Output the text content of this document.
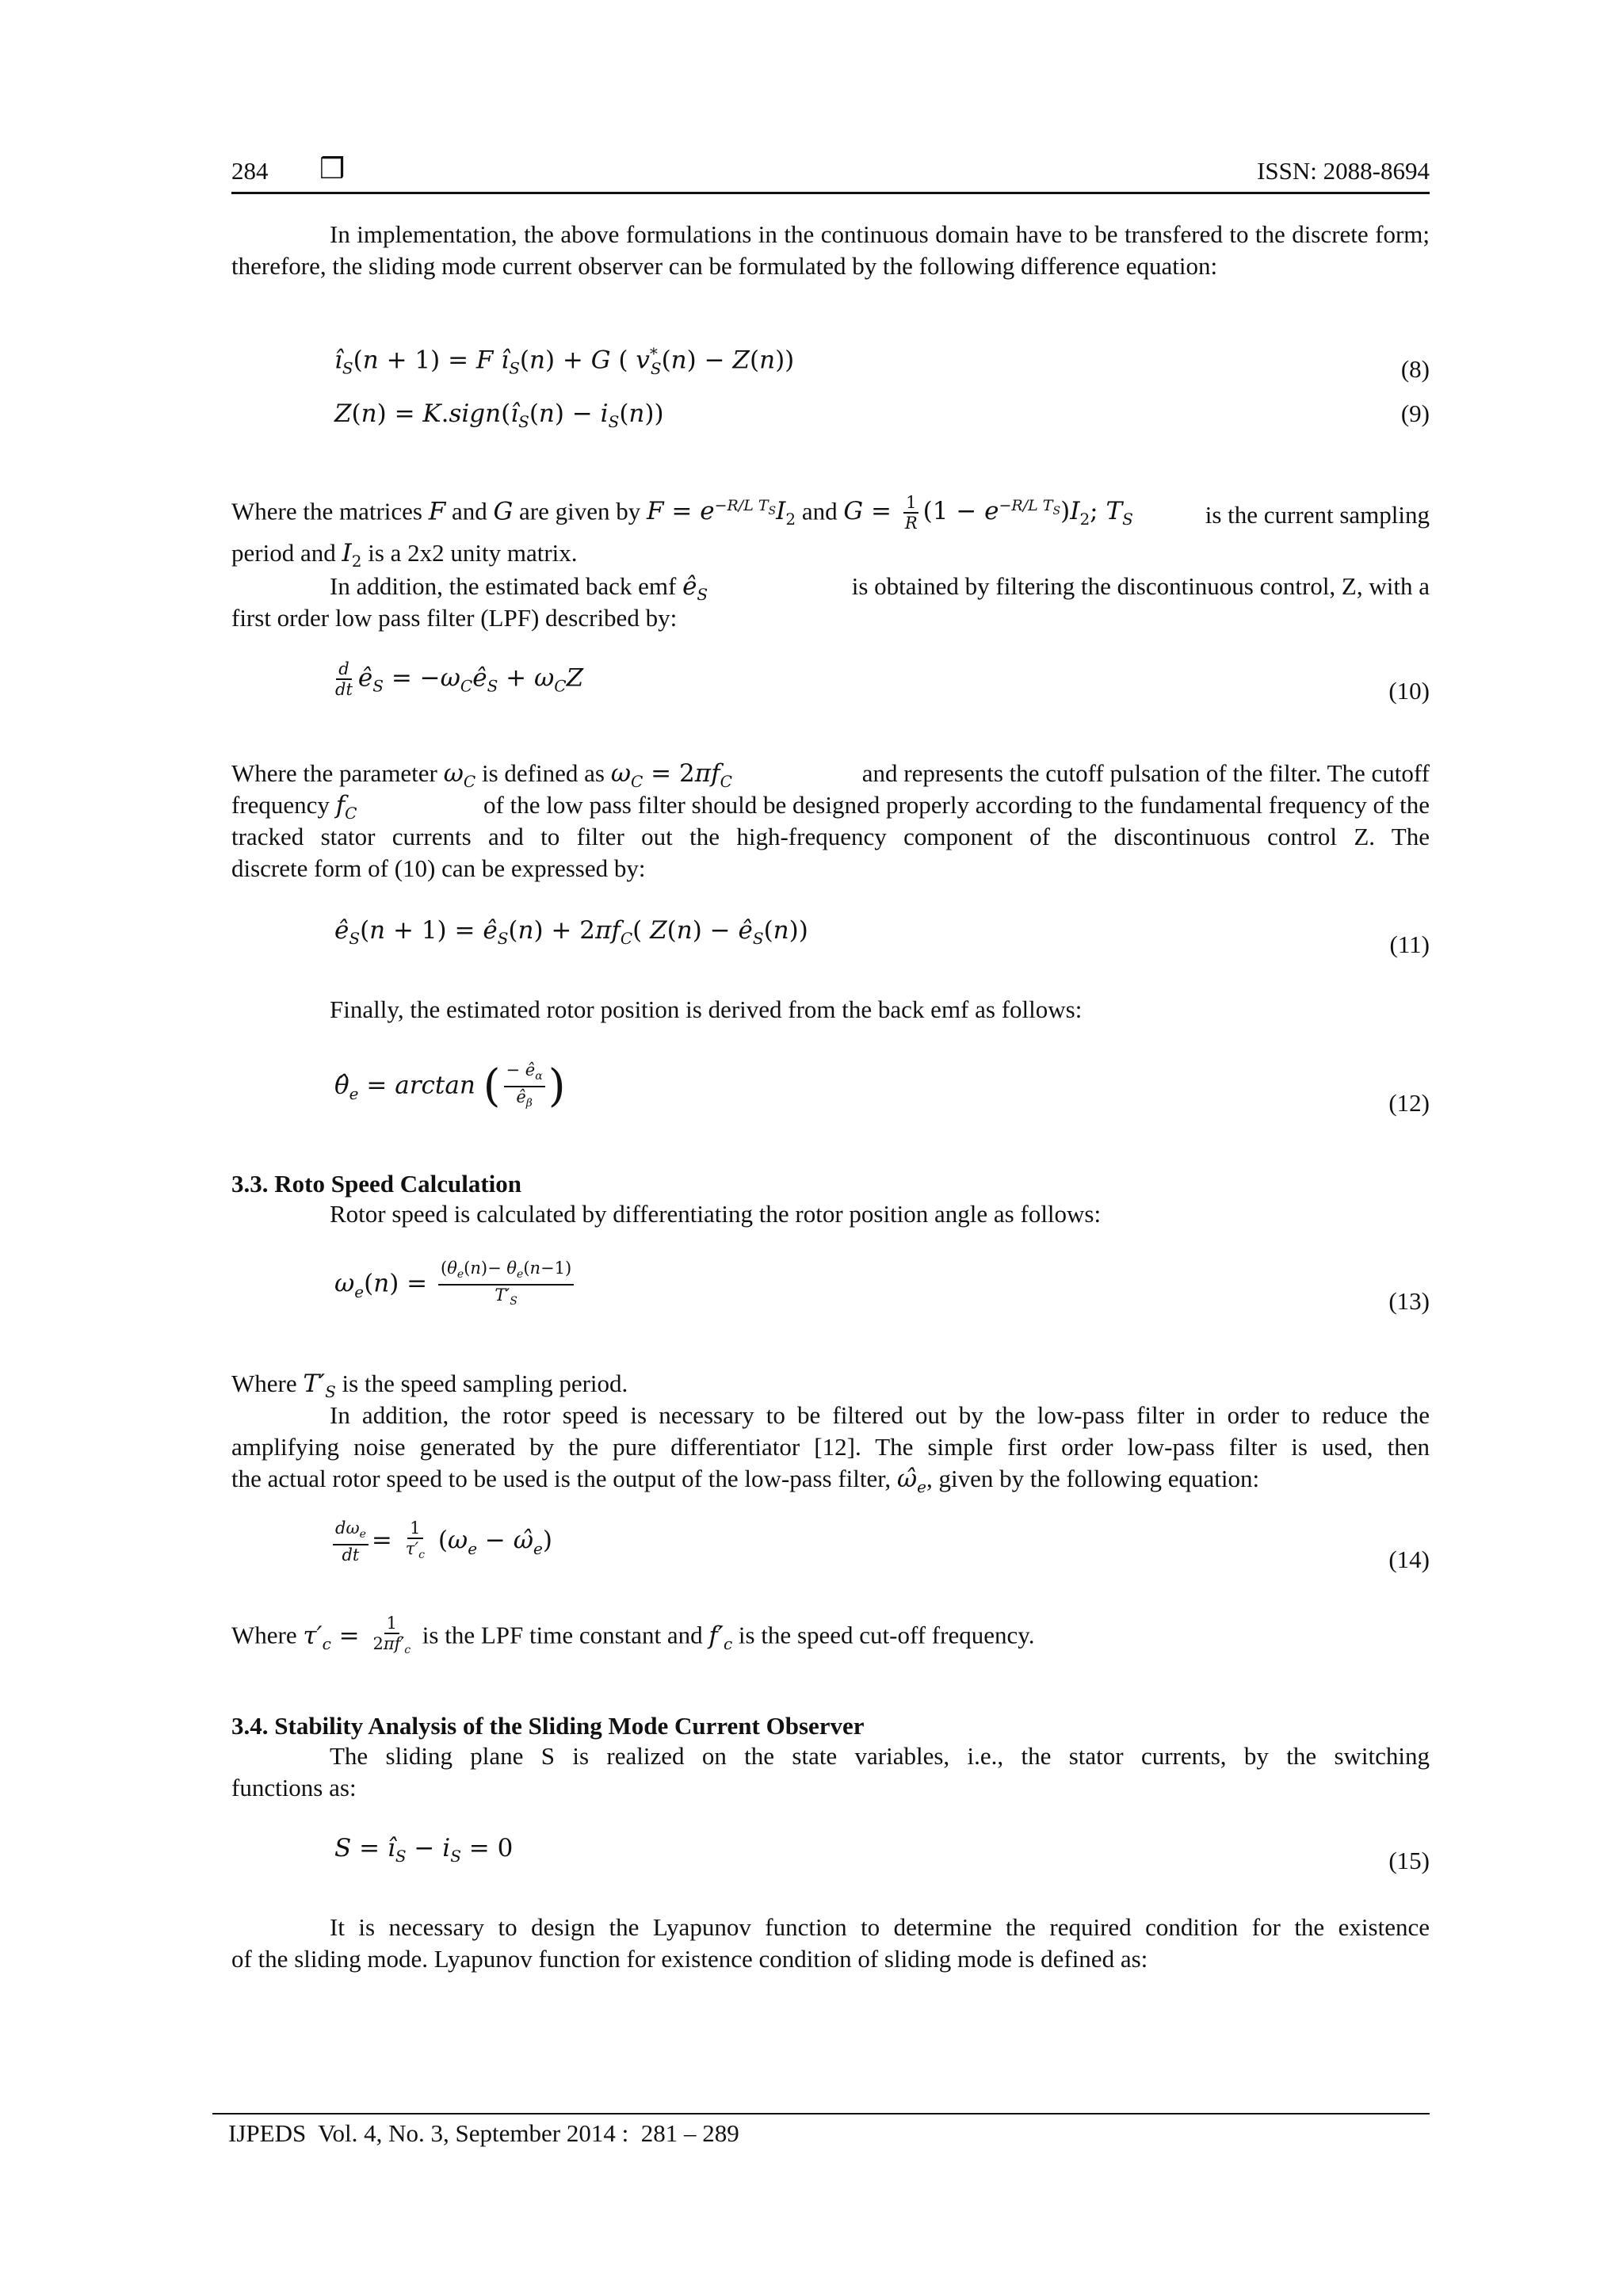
284 ❒	ISSN: 2088-8694
In implementation, the above formulations in the continuous domain have to be transfered to the discrete form; therefore, the sliding mode current observer can be formulated by the following difference equation:
$î_S(n + 1) = F$ $î_S(n) + G$ ( $v^*_S(n) - Z(n)$)	(8)
$Z(n) = K.sign(î_S(n) - i_S(n))$	(9)
Where the matrices F and G are given by $F = e^{-R/L T_S}I_2$ and $G = \frac{1}{R} (1 - e^{-R/L T_S})I_2$; $T_S$	is the current sampling
period and $I_2$ is a 2x2 unity matrix.
In addition, the estimated back emf $ê_S$	is obtained by filtering the discontinuous control, Z, with a
first order low pass filter (LPF) described by:
$\frac{d}{dt}$ $ê_S$ = $-\omega_Cê_S + \omega_CZ$	(10)
Where the parameter $\omega_C$ is defined as $\omega_C = 2\pi f_C$	and represents the cutoff pulsation of the filter. The cutoff
frequency $f_C$	of the low pass filter should be designed properly according to the fundamental frequency of the
tracked stator currents and to filter out the high-frequency component of the discontinuous control Z. The
discrete form of (10) can be expressed by:
$ê_S(n + 1)$ = $ê_S(n) + 2\pi f_C$( $Z(n) - ê_S(n)$)	(11)
Finally, the estimated rotor position is derived from the back emf as follows:
$\thetâ_e = \arctan$ ( $\frac{- ê_\alpha}{ê_\beta}$ )	(12)
3.3. Roto Speed Calculation
Rotor speed is calculated by differentiating the rotor position angle as follows:
$\omega_e(n) = \frac{(\theta_e(n)- \theta_e(n-1)}{T'_S}$	(13)
Where $T'_S$ is the speed sampling period.
In addition, the rotor speed is necessary to be filtered out by the low-pass filter in order to reduce the
amplifying noise generated by the pure differentiator [12]. The simple first order low-pass filter is used, then
the actual rotor speed to be used is the output of the low-pass filter, $\omegâ_e$, given by the following equation:
$\frac{d\omega_e}{dt} = \frac{1}{\tau'_c} (\omega_e$ − $\omegâ_e$)
(14)
Where $\tau'_c = \frac{1}{2\pi f'_c}$ is the LPF time constant and $f'_c$ is the speed cut-off frequency.
3.4. Stability Analysis of the Sliding Mode Current Observer
The sliding plane S is realized on the state variables, i.e., the stator currents, by the switching
functions as:
$S = î_S - i_S = 0$	(15)
It is necessary to design the Lyapunov function to determine the required condition for the existence
of the sliding mode. Lyapunov function for existence condition of sliding mode is defined as:
IJPEDS  Vol. 4, No. 3, September 2014 :  281 – 289
